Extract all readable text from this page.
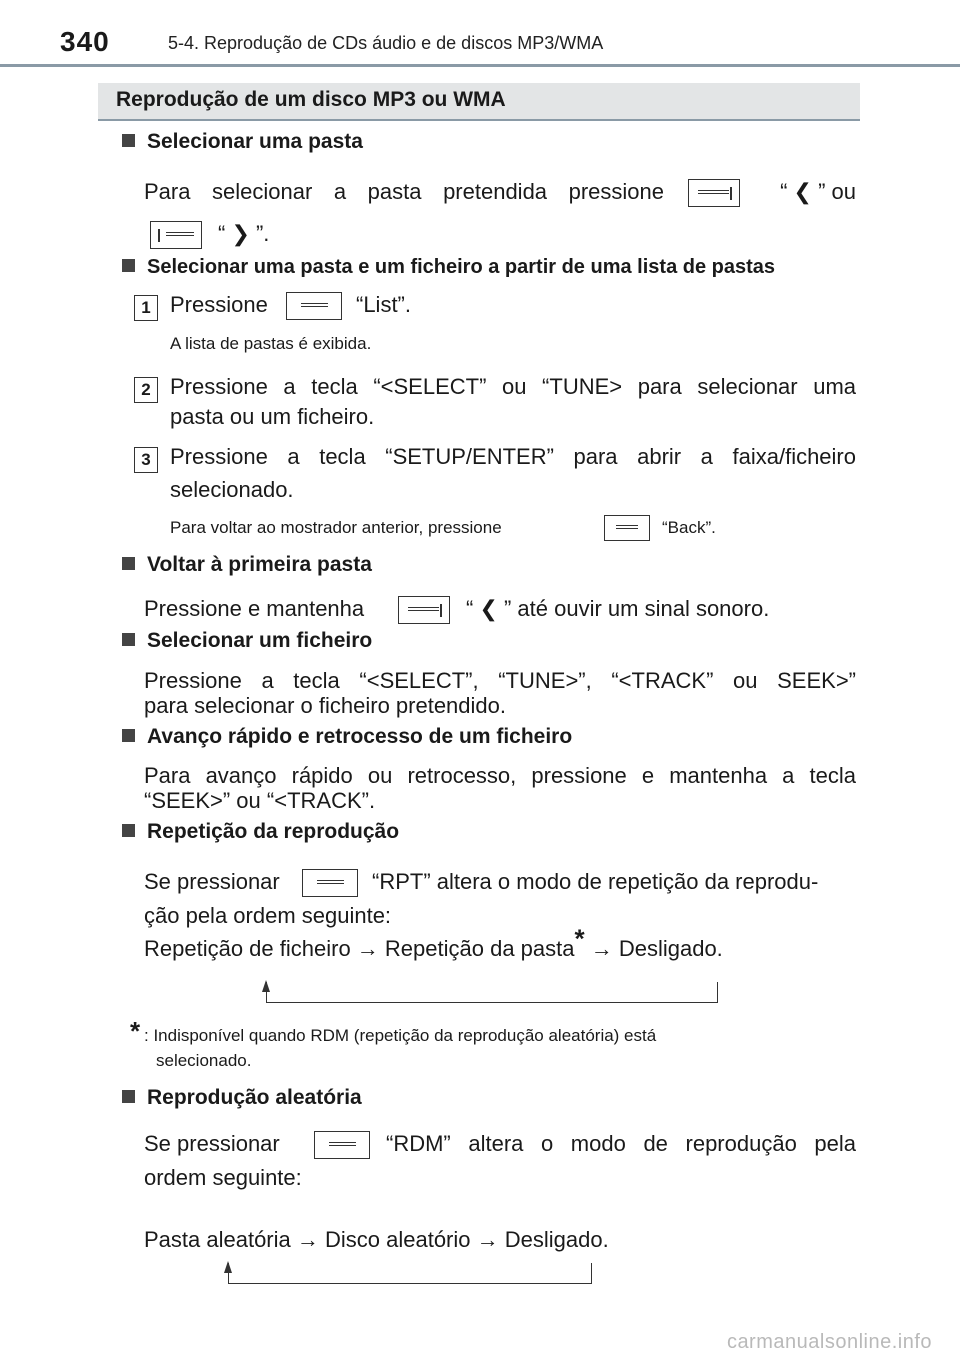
340	5-4. Reprodução de CDs áudio e de discos MP3/WMA
Reprodução de um disco MP3 ou WMA
Selecionar uma pasta
Para selecionar a pasta pretendida pressione	“ ❮ ” ou
“ ❯ ”.
Selecionar uma pasta e um ficheiro a partir de uma lista de pastas
1 Pressione	“List”.
A lista de pastas é exibida.
2 Pressione a tecla “<SELECT” ou “TUNE> para selecionar uma
pasta ou um ficheiro.
3 Pressione a tecla “SETUP/ENTER” para abrir a faixa/ficheiro
selecionado.
Para voltar ao mostrador anterior, pressione	“Back”.
Voltar à primeira pasta
Pressione e mantenha	“ ❮ ” até ouvir um sinal sonoro.
Selecionar um ficheiro
Pressione a tecla “<SELECT”, “TUNE>”, “<TRACK” ou SEEK>”
para selecionar o ficheiro pretendido.
Avanço rápido e retrocesso de um ficheiro
Para avanço rápido ou retrocesso, pressione e mantenha a tecla
“SEEK>” ou “<TRACK”.
Repetição da reprodução
Se pressionar	“RPT” altera o modo de repetição da reprodu-
ção pela ordem seguinte:
Repetição de ficheiro → Repetição da pasta* → Desligado.
* : Indisponível quando RDM (repetição da reprodução aleatória) está
selecionado.
Reprodução aleatória
Se pressionar	“RDM” altera o modo de reprodução pela
ordem seguinte:
Pasta aleatória → Disco aleatório → Desligado.
carmanualsonline.info
